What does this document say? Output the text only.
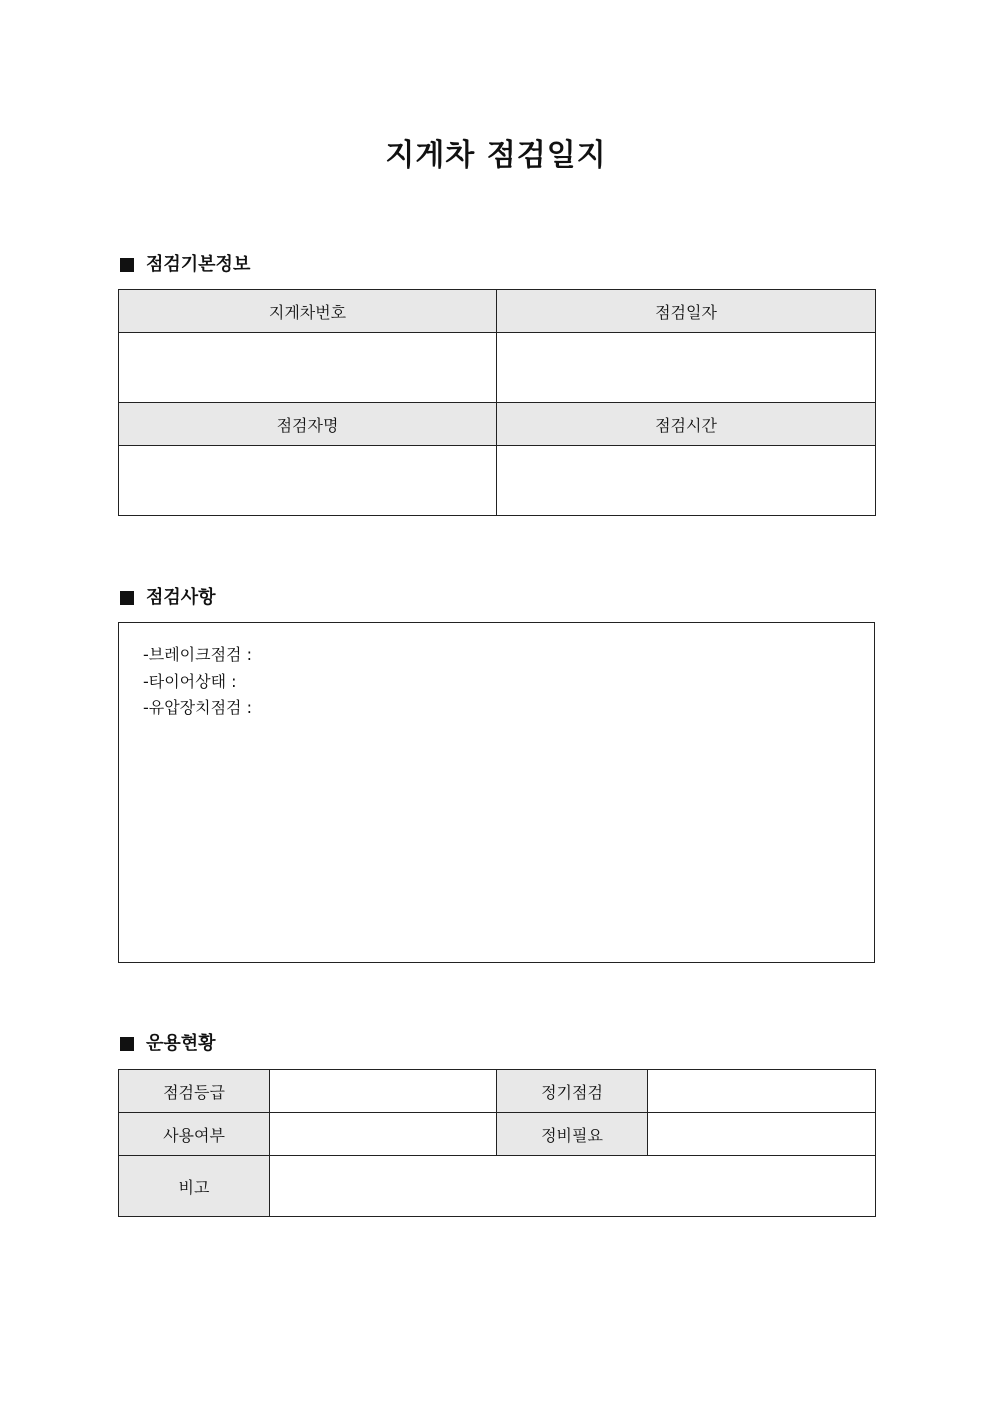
지게차 점검일지
점검기본정보
지게차번호	점검일자

점검자명	점검시간

점검사항
-브레이크점검 :
-타이어상태 :
-유압장치점검 :
운용현황
점검등급		정기점검	
사용여부		정비필요	
비고			
